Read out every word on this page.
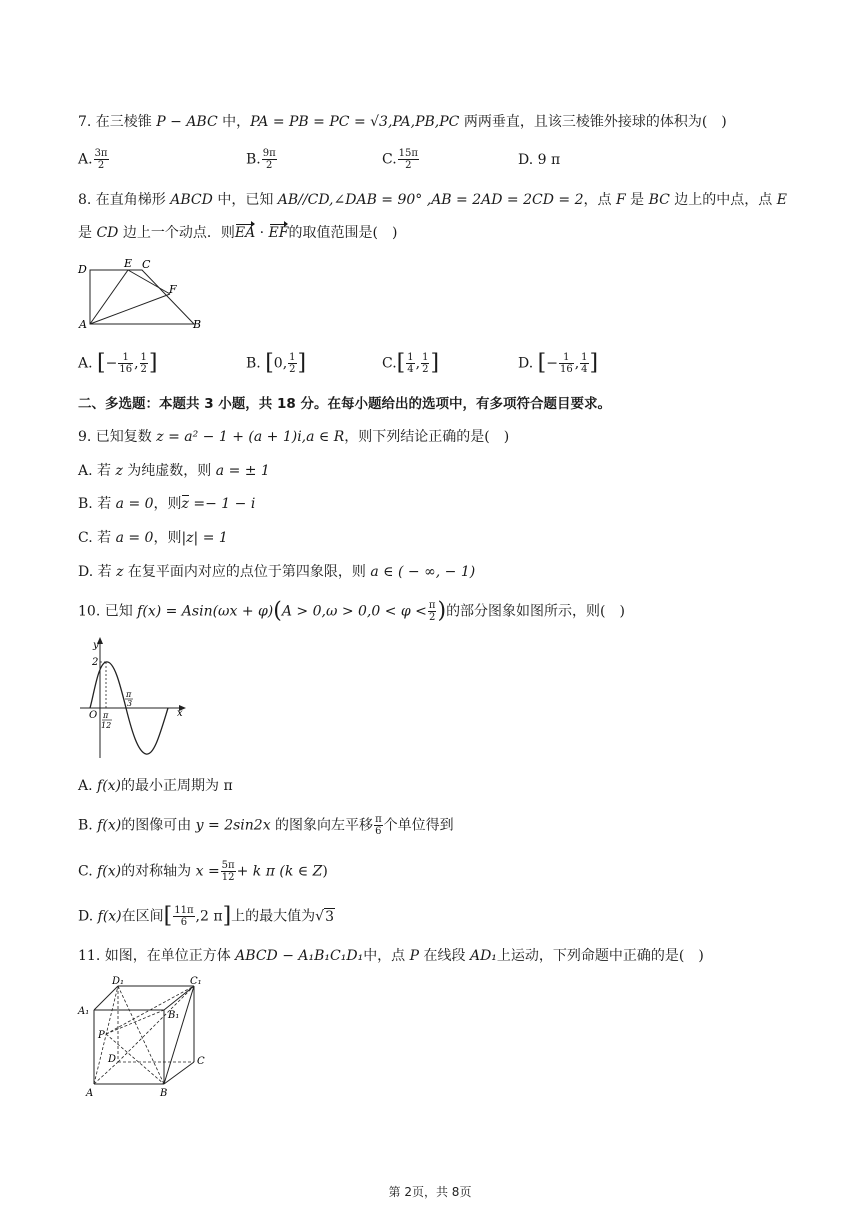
7. 在三棱锥 P − ABC 中，PA = PB = PC = √3,PA,PB,PC 两两垂直，且该三棱锥外接球的体积为(　)
A. $\frac{3\pi}{2}$	B. $\frac{9\pi}{2}$	C. $\frac{15\pi}{2}$	D. 9 π
8. 在直角梯形 ABCD 中，已知 AB//CD,∠DAB = 90° ,AB = 2AD = 2CD = 2，点 F 是 BC 边上的中点，点 E
是 CD 边上一个动点．则EA · EF的取值范围是(　)
D	E C
F
A	B
A. [− $\frac{1}{16}$ , $\frac{1}{2}$ ]	B. [0, $\frac{1}{2}$ ]	$C.[ \frac{1}{4}$ , $\frac{1}{2}$ ]	D. [− $\frac{1}{16}$ , $\frac{1}{4}$ ]
二、多选题：本题共 3 小题，共 18 分。在每小题给出的选项中，有多项符合题目要求。
9. 已知复数 z = a² − 1 + (a + 1)i,a ∈ R，则下列结论正确的是(　)
A. 若 z 为纯虚数，则 a = ± 1
B. 若 a = 0，则z =− 1 − i
C. 若 a = 0，则|z| = 1
D. 若 z 在复平面内对应的点位于第四象限，则 a ∈ ( − ∞, − 1)
10. 已知 $f(x) = Asin(\omega x + \varphi)(A > 0,\omega > 0,0 < \varphi < \frac{\pi}{2}$ )的部分图象如图所示，则(　)
y
x
O
2
π
12
π
3
A. f(x)的最小正周期为 π
B. f(x)的图像可由 y = 2sin2x 的图象向左平移 $\frac{\pi}{6}$ 个单位得到
C. f(x)的对称轴为 $x = \frac{5\pi}{12} + k$ π (k ∈ Z)
D. f(x)在区间[ $\frac{11\pi}{6} ,2$ π]上的最大值为√3
11. 如图，在单位正方体 ABCD − A₁B₁C₁D₁中，点 P 在线段 AD₁上运动，下列命题中正确的是(　)
D₁	C₁
A₁	B₁
P
D	C
A	B
第 2页，共 8页
